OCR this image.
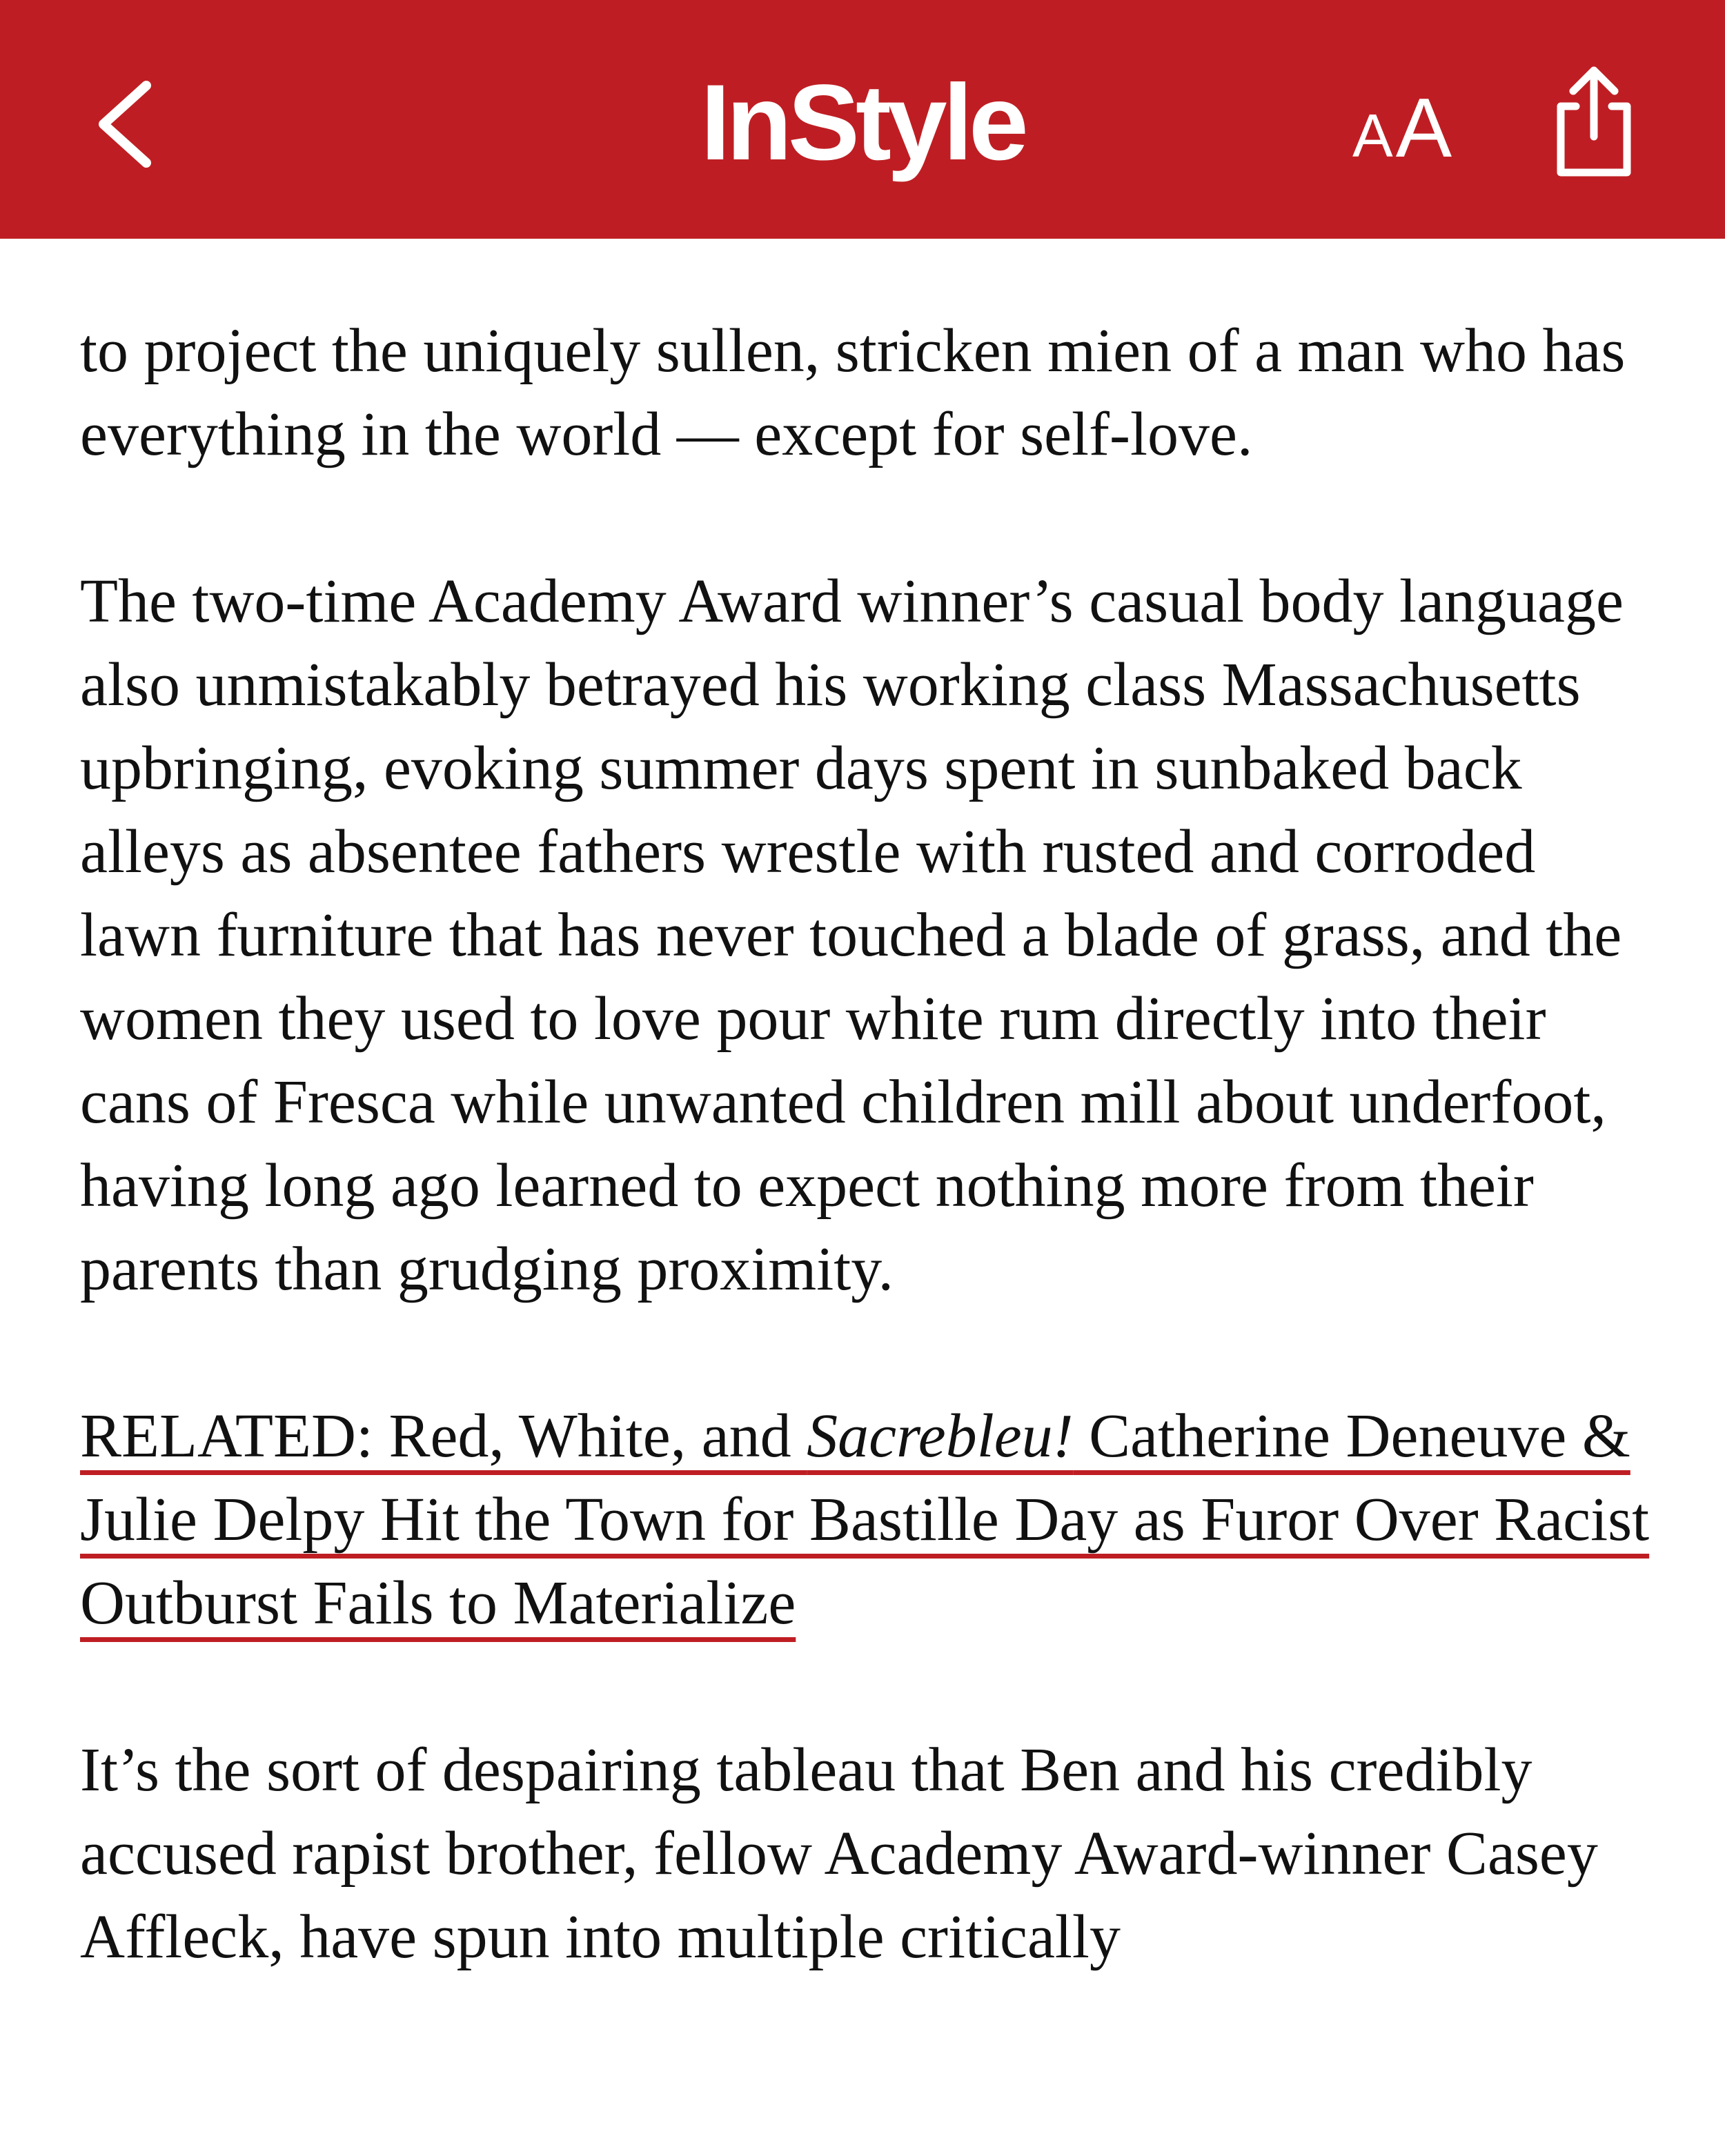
InStyle	AA

to project the uniquely sullen, stricken mien of a man who has everything in the world — except for self-love.

The two-time Academy Award winner’s casual body language also unmistakably betrayed his working class Massachusetts upbringing, evoking summer days spent in sunbaked back alleys as absentee fathers wrestle with rusted and corroded lawn furniture that has never touched a blade of grass, and the women they used to love pour white rum directly into their cans of Fresca while unwanted children mill about underfoot, having long ago learned to expect nothing more from their parents than grudging proximity.

RELATED: Red, White, and Sacrebleu! Catherine Deneuve & Julie Delpy Hit the Town for Bastille Day as Furor Over Racist Outburst Fails to Materialize

It’s the sort of despairing tableau that Ben and his credibly accused rapist brother, fellow Academy Award-winner Casey Affleck, have spun into multiple critically
